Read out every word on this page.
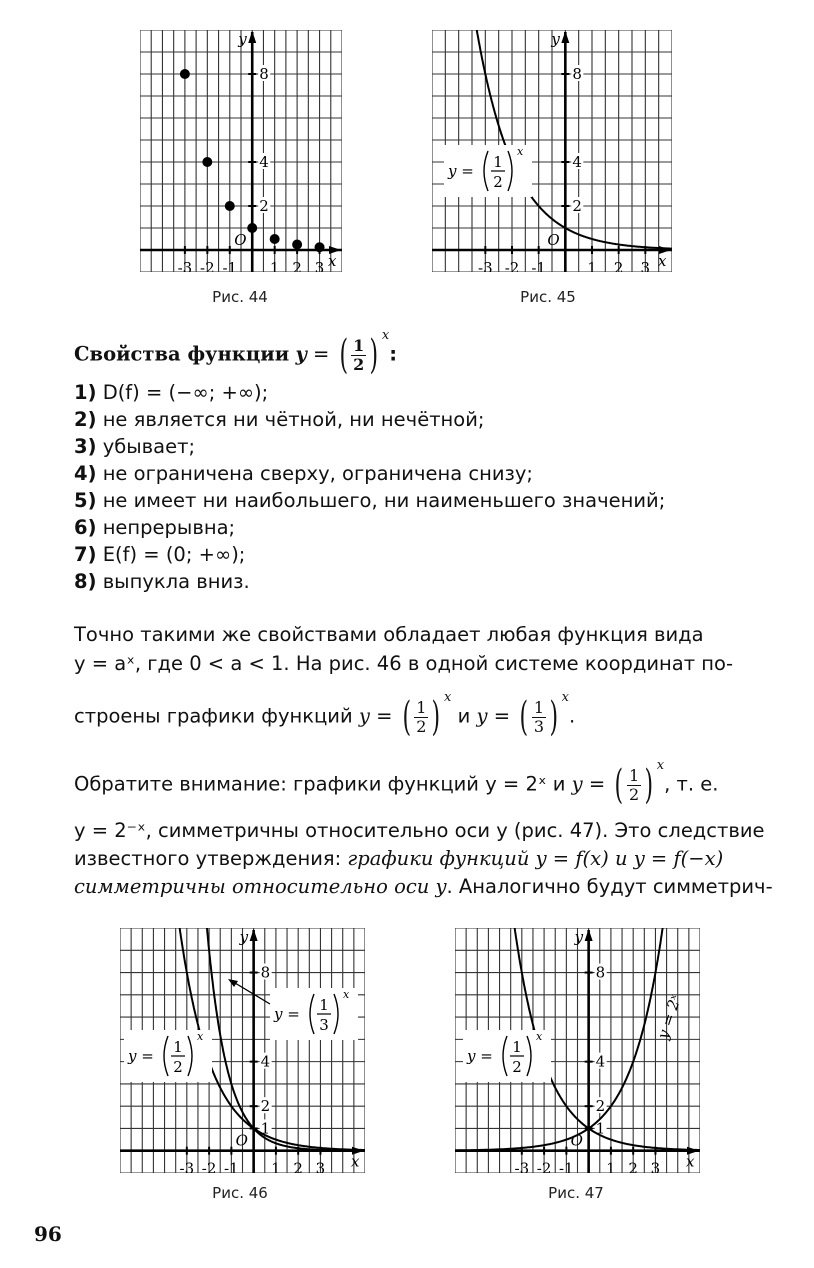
x
y
O
-3 -2 -1 1 2 3
2
4
8
Рис. 44
x
y
O
-3 -2 -1	1 2 3
2
4
8
y = 1
2
x
Рис. 45
Свойства функции y = ( $\frac{1}{2}$ ) $^x$:
1) D(f) = (−∞; +∞);
2) не является ни чётной, ни нечётной;
3) убывает;
4) не ограничена сверху, ограничена снизу;
5) не имеет ни наибольшего, ни наименьшего значений;
6) непрерывна;
7) E(f) = (0; +∞);
8) выпукла вниз.
Точно такими же свойствами обладает любая функция вида
y = aˣ, где 0 < a < 1. На рис. 46 в одной системе координат по-
строены графики функций y = ( $\frac{1}{2}$ ) $^x$ и y = ( $\frac{1}{3}$ ) $^x$.
Обратите внимание: графики функций y = 2ˣ и y = ( $\frac{1}{2}$ ) $^x$, т. е.
y = 2⁻ˣ, симметричны относительно оси y (рис. 47). Это следствие
известного утверждения: графики функций y = f(x) и y = f(−x)
симметричны относительно оси y. Аналогично будут симметрич-
x
y
O
-3 -2 -1 1 2 3
1
2
4
8
y = 1
2
x
y = 1
3
x
Рис. 46
x
y
O
-3 -2 -1 1 2 3
1
2
4
8
y = 1
2
x	y = 2ˣ
Рис. 47
96
